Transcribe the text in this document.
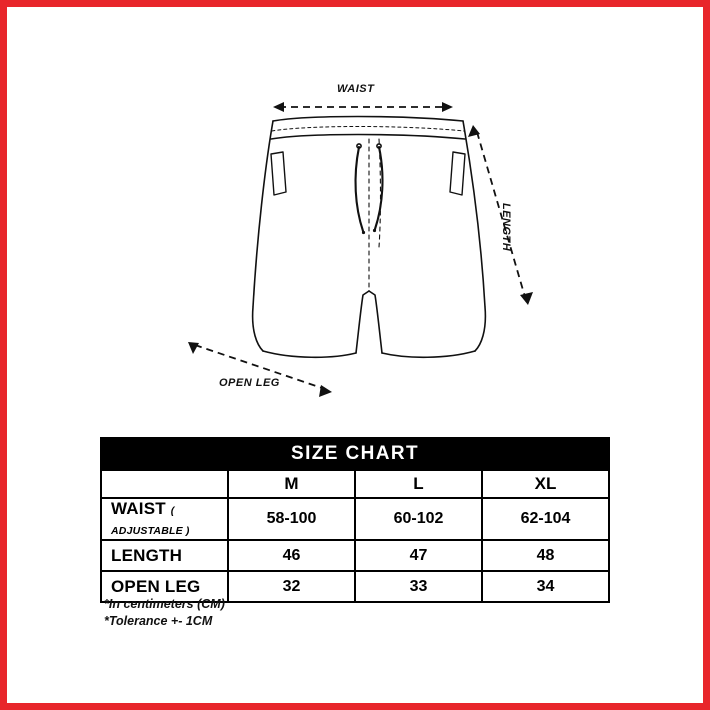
WAIST
LENGTH
OPEN LEG
SIZE CHART			
	M	L	XL
WAIST ( ADJUSTABLE )	58-100	60-102	62-104
LENGTH	46	47	48
OPEN LEG	32	33	34
*In centimeters (CM)
*Tolerance +- 1CM
